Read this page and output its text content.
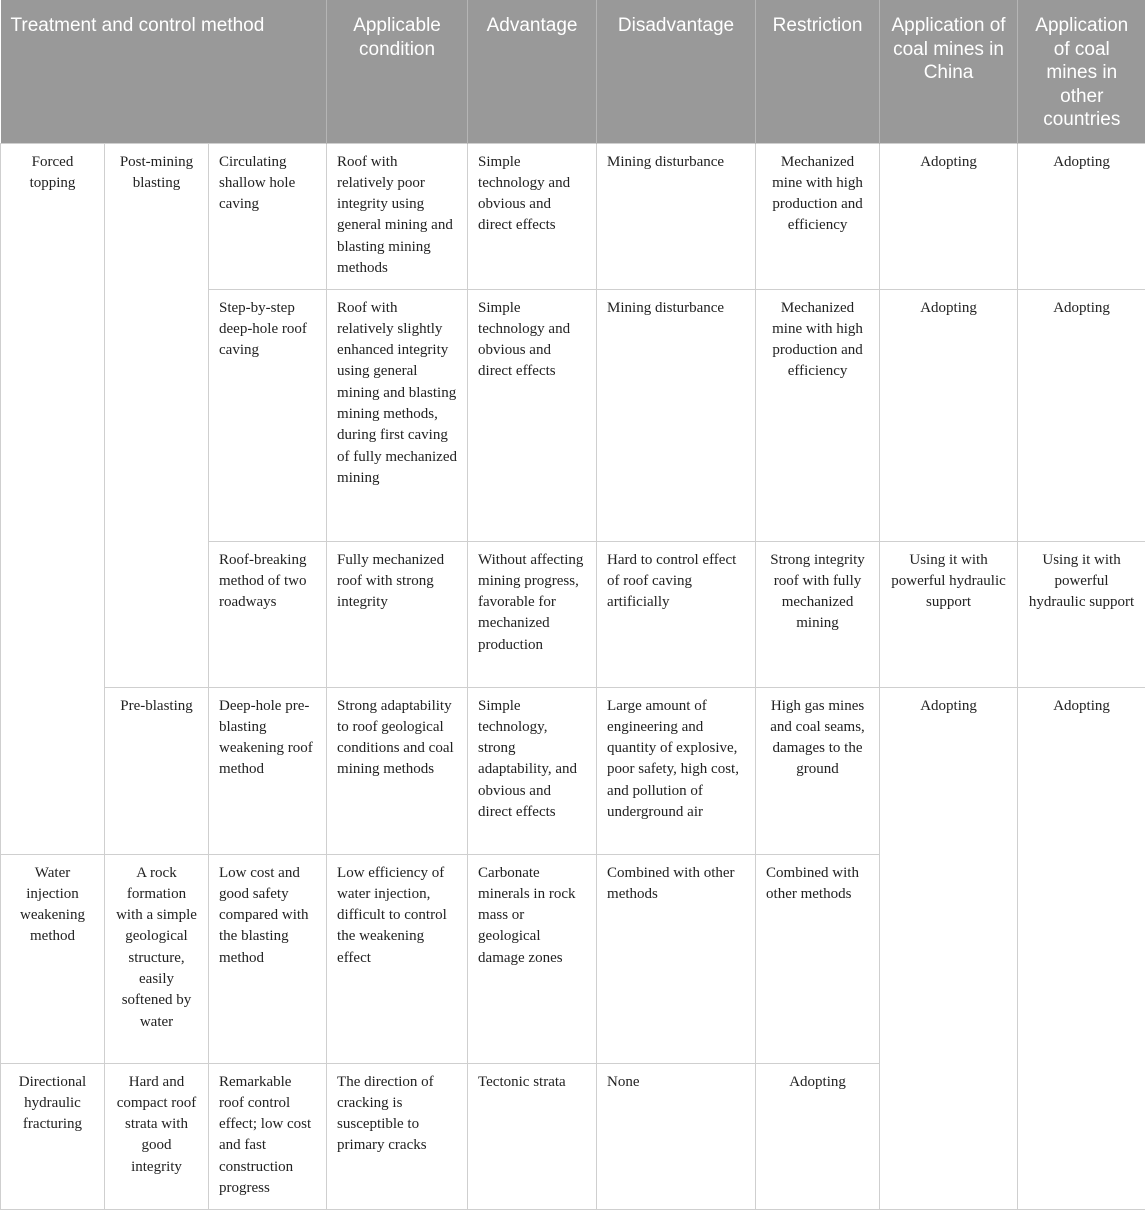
Treatment and control method			Applicable condition	Advantage	Disadvantage	Restriction	Application of coal mines in China	Application of coal mines in other countries
Forced topping	Post-mining blasting	Circulating shallow hole caving	Roof with relatively poor integrity using general mining and blasting mining methods	Simple technology and obvious and direct effects	Mining disturbance	Mechanized mine with high production and efficiency	Adopting	Adopting
		Step-by-step deep-hole roof caving	Roof with relatively slightly enhanced integrity using general mining and blasting mining methods, during first caving of fully mechanized mining	Simple technology and obvious and direct effects	Mining disturbance	Mechanized mine with high production and efficiency	Adopting	Adopting
		Roof-breaking method of two roadways	Fully mechanized roof with strong integrity	Without affecting mining progress, favorable for mechanized production	Hard to control effect of roof caving artificially	Strong integrity roof with fully mechanized mining	Using it with powerful hydraulic support	Using it with powerful hydraulic support
	Pre-blasting	Deep-hole pre-blasting weakening roof method	Strong adaptability to roof geological conditions and coal mining methods	Simple technology, strong adaptability, and obvious and direct effects	Large amount of engineering and quantity of explosive, poor safety, high cost, and pollution of underground air	High gas mines and coal seams, damages to the ground	Adopting	Adopting
Water injection weakening method	A rock formation with a simple geological structure, easily softened by water	Low cost and good safety compared with the blasting method	Low efficiency of water injection, difficult to control the weakening effect	Carbonate minerals in rock mass or geological damage zones	Combined with other methods	Combined with other methods		
Directional hydraulic fracturing	Hard and compact roof strata with good integrity	Remarkable roof control effect; low cost and fast construction progress	The direction of cracking is susceptible to primary cracks	Tectonic strata	None	Adopting		
